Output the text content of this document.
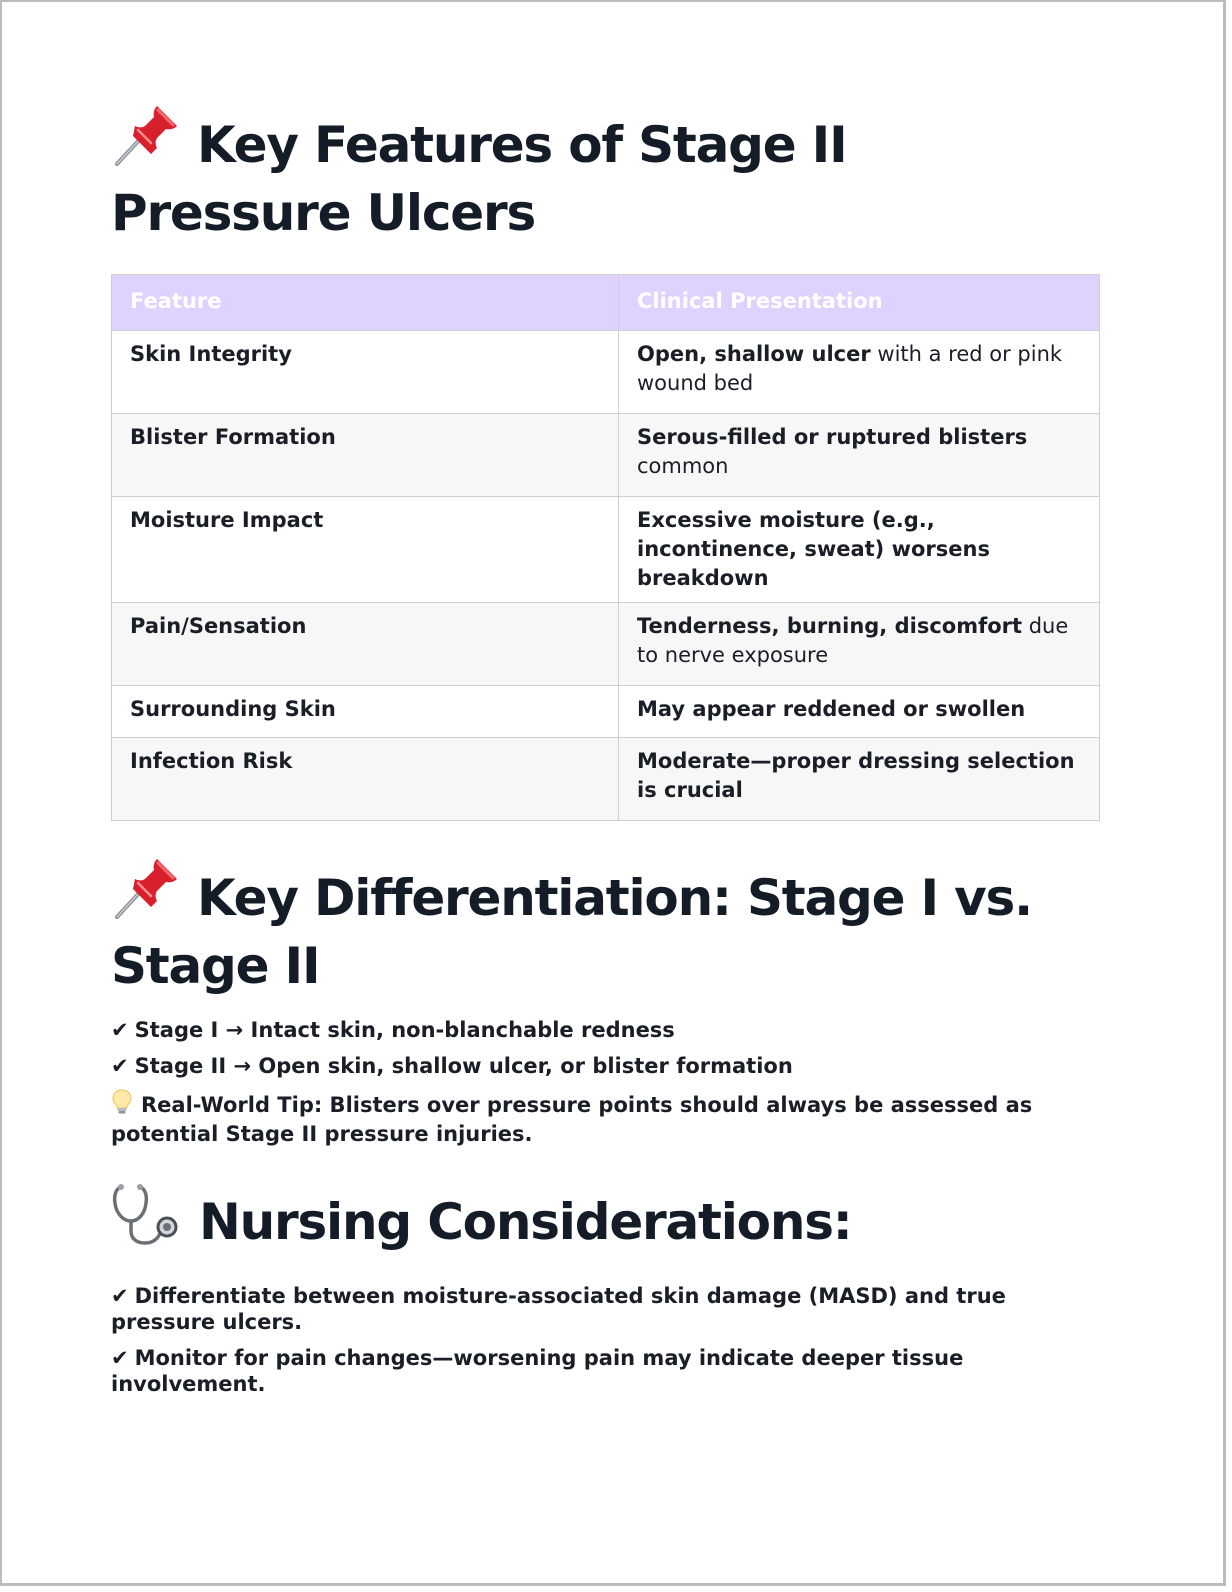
Key Features of Stage II
Pressure Ulcers
Feature	Clinical Presentation
Skin Integrity	Open, shallow ulcer with a red or pink wound bed
Blister Formation	Serous-filled or ruptured blisters common
Moisture Impact	Excessive moisture (e.g., incontinence, sweat) worsens breakdown
Pain/Sensation	Tenderness, burning, discomfort due to nerve exposure
Surrounding Skin	May appear reddened or swollen
Infection Risk	Moderate—proper dressing selection is crucial
Key Differentiation: Stage I vs.
Stage II
✔ Stage I → Intact skin, non-blanchable redness
✔ Stage II → Open skin, shallow ulcer, or blister formation
Real-World Tip: Blisters over pressure points should always be assessed as potential Stage II pressure injuries.
Nursing Considerations:
✔ Differentiate between moisture-associated skin damage (MASD) and true pressure ulcers.
✔ Monitor for pain changes—worsening pain may indicate deeper tissue involvement.
